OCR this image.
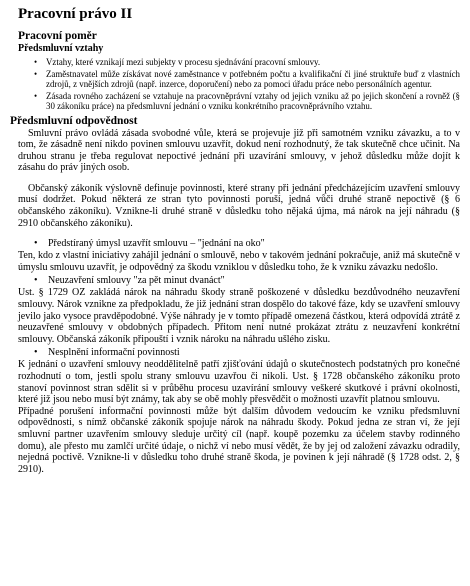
Pracovní právo II
Pracovní poměr
Předsmluvní vztahy
• Vztahy, které vznikají mezi subjekty v procesu sjednávání pracovní smlouvy.
• Zaměstnavatel může získávat nové zaměstnance v potřebném počtu a kvalifikační či jiné struktuře buď z vlastních zdrojů, z vnějších zdrojů (např. inzerce, doporučení) nebo za pomoci úřadu práce nebo personálních agentur.
• Zásada rovného zacházení se vztahuje na pracovněprávní vztahy od jejich vzniku až po jejich skončení a rovněž (§ 30 zákoníku práce) na předsmluvní jednání o vzniku konkrétního pracovněprávního vztahu.
Předsmluvní odpovědnost

Smluvní právo ovládá zásada svobodné vůle, která se projevuje již při samotném vzniku závazku, a to v tom, že zásadně není nikdo povinen smlouvu uzavřít, dokud není rozhodnutý, že tak skutečně chce učinit. Na druhou stranu je třeba regulovat nepoctivé jednání při uzavírání smlouvy, v jehož důsledku může dojít k zásahu do práv jiných osob.

Občanský zákoník výslovně definuje povinnosti, které strany při jednání předcházejícím uzavření smlouvy musí dodržet. Pokud některá ze stran tyto povinnosti poruší, jedná vůči druhé straně nepoctivě (§ 6 občanského zákoníku). Vznikne-li druhé straně v důsledku toho nějaká újma, má nárok na její náhradu (§ 2910 občanského zákoníku).

• Předstíraný úmysl uzavřít smlouvu – "jednání na oko"

Ten, kdo z vlastní iniciativy zahájil jednání o smlouvě, nebo v takovém jednání pokračuje, aniž má skutečně v úmyslu smlouvu uzavřít, je odpovědný za škodu vzniklou v důsledku toho, že k vzniku závazku nedošlo.

• Neuzavření smlouvy "za pět minut dvanáct"

Ust. § 1729 OZ zakládá nárok na náhradu škody straně poškozené v důsledku bezdůvodného neuzavření smlouvy. Nárok vznikne za předpokladu, že již jednání stran dospělo do takové fáze, kdy se uzavření smlouvy jevilo jako vysoce pravděpodobné. Výše náhrady je v tomto případě omezená částkou, která odpovídá ztrátě z neuzavřené smlouvy v obdobných případech. Přitom není nutné prokázat ztrátu z neuzavření konkrétní smlouvy. Občanská zákoník připouští i vznik nároku na náhradu ušlého zisku.

• Nesplnění informační povinnosti

K jednání o uzavření smlouvy neoddělitelně patří zjišťování údajů o skutečnostech podstatných pro konečné rozhodnutí o tom, jestli spolu strany smlouvu uzavřou či nikoli. Ust. § 1728 občanského zákoníku proto stanoví povinnost stran sdělit si v průběhu procesu uzavírání smlouvy veškeré skutkové i právní okolnosti, které již jsou nebo musí být známy, tak aby se obě mohly přesvědčit o možnosti uzavřít platnou smlouvu.

Případné porušení informační povinnosti může být dalším důvodem vedoucím ke vzniku předsmluvní odpovědnosti, s nímž občanské zákoník spojuje nárok na náhradu škody. Pokud jedna ze stran ví, že její smluvní partner uzavřením smlouvy sleduje určitý cíl (např. koupě pozemku za účelem stavby rodinného domu), ale přesto mu zamlčí určité údaje, o nichž ví nebo musí vědět, že by jej od založení závazku odradily, nejedná poctivě. Vznikne-li v důsledku toho druhé straně škoda, je povinen k její náhradě (§ 1728 odst. 2, § 2910).
